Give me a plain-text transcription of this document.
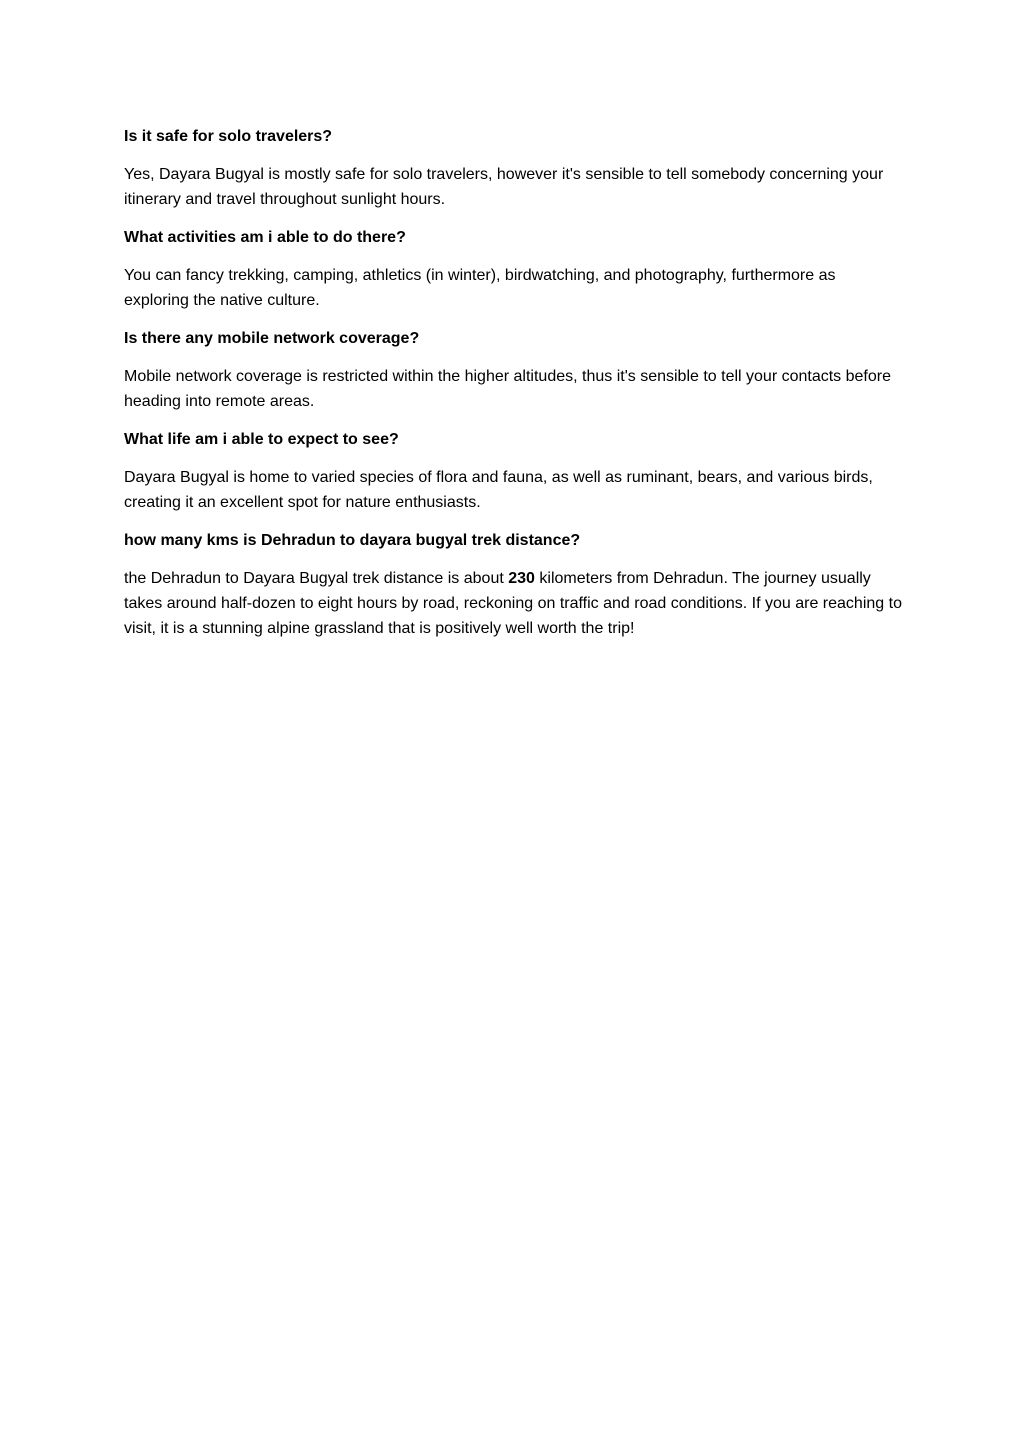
Is it safe for solo travelers?

Yes, Dayara Bugyal is mostly safe for solo travelers, however it's sensible to tell somebody concerning your itinerary and travel throughout sunlight hours.

What activities am i able to do there?

You can fancy trekking, camping, athletics (in winter), birdwatching, and photography, furthermore as exploring the native culture.

Is there any mobile network coverage?

Mobile network coverage is restricted within the higher altitudes, thus it's sensible to tell your contacts before heading into remote areas.

What life am i able to expect to see?

Dayara Bugyal is home to varied species of flora and fauna, as well as ruminant, bears, and various birds, creating it an excellent spot for nature enthusiasts.

how many kms is Dehradun to dayara bugyal trek distance?

the Dehradun to Dayara Bugyal trek distance is about 230 kilometers from Dehradun. The journey usually takes around half-dozen to eight hours by road, reckoning on traffic and road conditions. If you are reaching to visit, it is a stunning alpine grassland that is positively well worth the trip!
